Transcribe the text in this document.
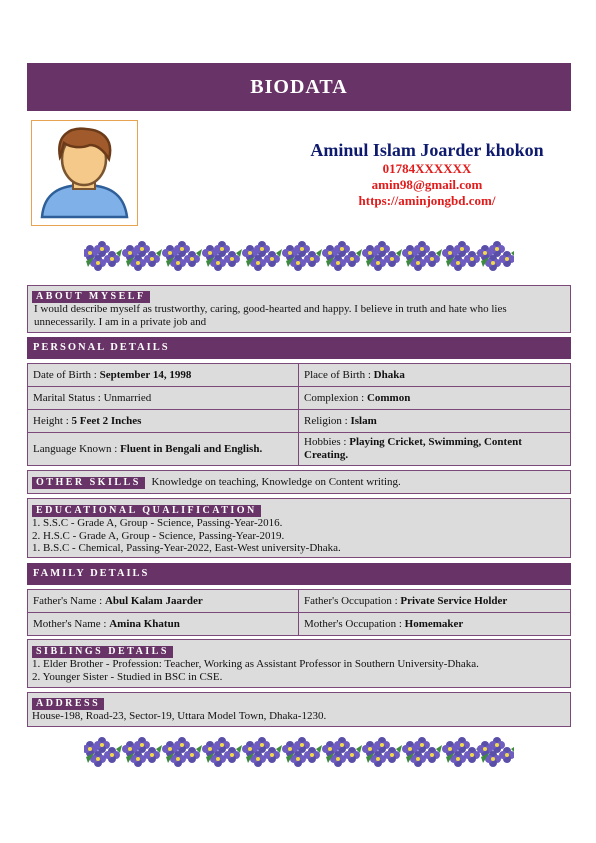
BIODATA
Aminul Islam Joarder khokon
01784XXXXXX
amin98@gmail.com
https://aminjongbd.com/
ABOUT MYSELF
I would describe myself as trustworthy, caring, good-hearted and happy. I believe in truth and hate who lies unnecessarily. I am in a private job and
PERSONAL DETAILS
Date of Birth : September 14, 1998	Place of Birth : Dhaka
Marital Status : Unmarried	Complexion : Common
Height : 5 Feet 2 Inches	Religion : Islam
Language Known : Fluent in Bengali and English.	Hobbies : Playing Cricket, Swimming, Content Creating.
OTHER SKILLS Knowledge on teaching, Knowledge on Content writing.
EDUCATIONAL QUALIFICATION
1. S.S.C - Grade A, Group - Science, Passing-Year-2016.
2. H.S.C - Grade A, Group - Science, Passing-Year-2019.
1. B.S.C - Chemical, Passing-Year-2022, East-West university-Dhaka.
FAMILY DETAILS
Father's Name : Abul Kalam Jaarder	Father's Occupation : Private Service Holder
Mother's Name : Amina Khatun	Mother's Occupation : Homemaker
SIBLINGS DETAILS
1. Elder Brother - Profession: Teacher, Working as Assistant Professor in Southern University-Dhaka.
2. Younger Sister - Studied in BSC in CSE.
ADDRESS
House-198, Road-23, Sector-19, Uttara Model Town, Dhaka-1230.
